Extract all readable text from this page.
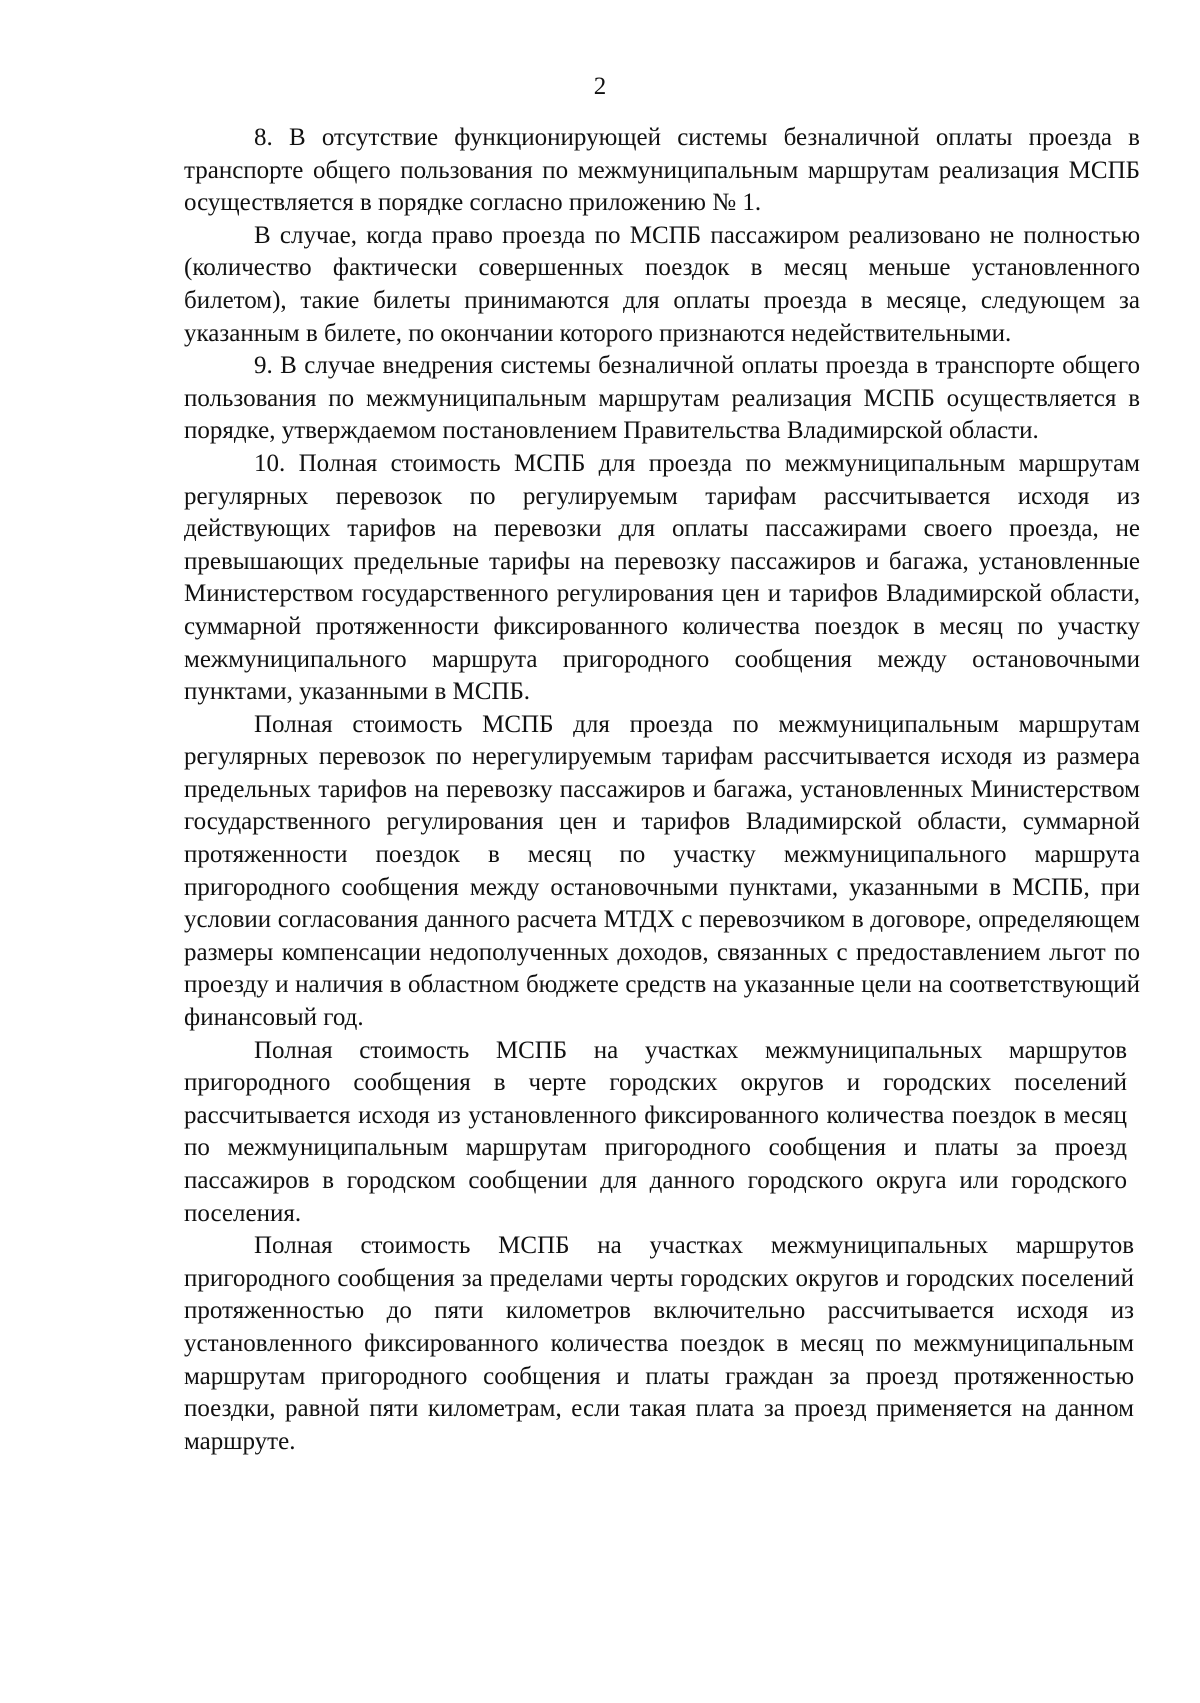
2

8. В отсутствие функционирующей системы безналичной оплаты проезда в транспорте общего пользования по межмуниципальным маршрутам реализация МСПБ осуществляется в порядке согласно приложению № 1.

В случае, когда право проезда по МСПБ пассажиром реализовано не полностью (количество фактически совершенных поездок в месяц меньше установленного билетом), такие билеты принимаются для оплаты проезда в месяце, следующем за указанным в билете, по окончании которого признаются недействительными.

9. В случае внедрения системы безналичной оплаты проезда в транспорте общего пользования по межмуниципальным маршрутам реализация МСПБ осуществляется в порядке, утверждаемом постановлением Правительства Владимирской области.

10. Полная стоимость МСПБ для проезда по межмуниципальным маршрутам регулярных перевозок по регулируемым тарифам рассчитывается исходя из действующих тарифов на перевозки для оплаты пассажирами своего проезда, не превышающих предельные тарифы на перевозку пассажиров и багажа, установленные Министерством государственного регулирования цен и тарифов Владимирской области, суммарной протяженности фиксированного количества поездок в месяц по участку межмуниципального маршрута пригородного сообщения между остановочными пунктами, указанными в МСПБ.

Полная стоимость МСПБ для проезда по межмуниципальным маршрутам регулярных перевозок по нерегулируемым тарифам рассчитывается исходя из размера предельных тарифов на перевозку пассажиров и багажа, установленных Министерством государственного регулирования цен и тарифов Владимирской области, суммарной протяженности поездок в месяц по участку межмуниципального маршрута пригородного сообщения между остановочными пунктами, указанными в МСПБ, при условии согласования данного расчета МТДХ с перевозчиком в договоре, определяющем размеры компенсации недополученных доходов, связанных с предоставлением льгот по проезду и наличия в областном бюджете средств на указанные цели на соответствующий финансовый год.

Полная стоимость МСПБ на участках межмуниципальных маршрутов пригородного сообщения в черте городских округов и городских поселений рассчитывается исходя из установленного фиксированного количества поездок в месяц по межмуниципальным маршрутам пригородного сообщения и платы за проезд пассажиров в городском сообщении для данного городского округа или городского поселения.

Полная стоимость МСПБ на участках межмуниципальных маршрутов пригородного сообщения за пределами черты городских округов и городских поселений протяженностью до пяти километров включительно рассчитывается исходя из установленного фиксированного количества поездок в месяц по межмуниципальным маршрутам пригородного сообщения и платы граждан за проезд протяженностью поездки, равной пяти километрам, если такая плата за проезд применяется на данном маршруте.
